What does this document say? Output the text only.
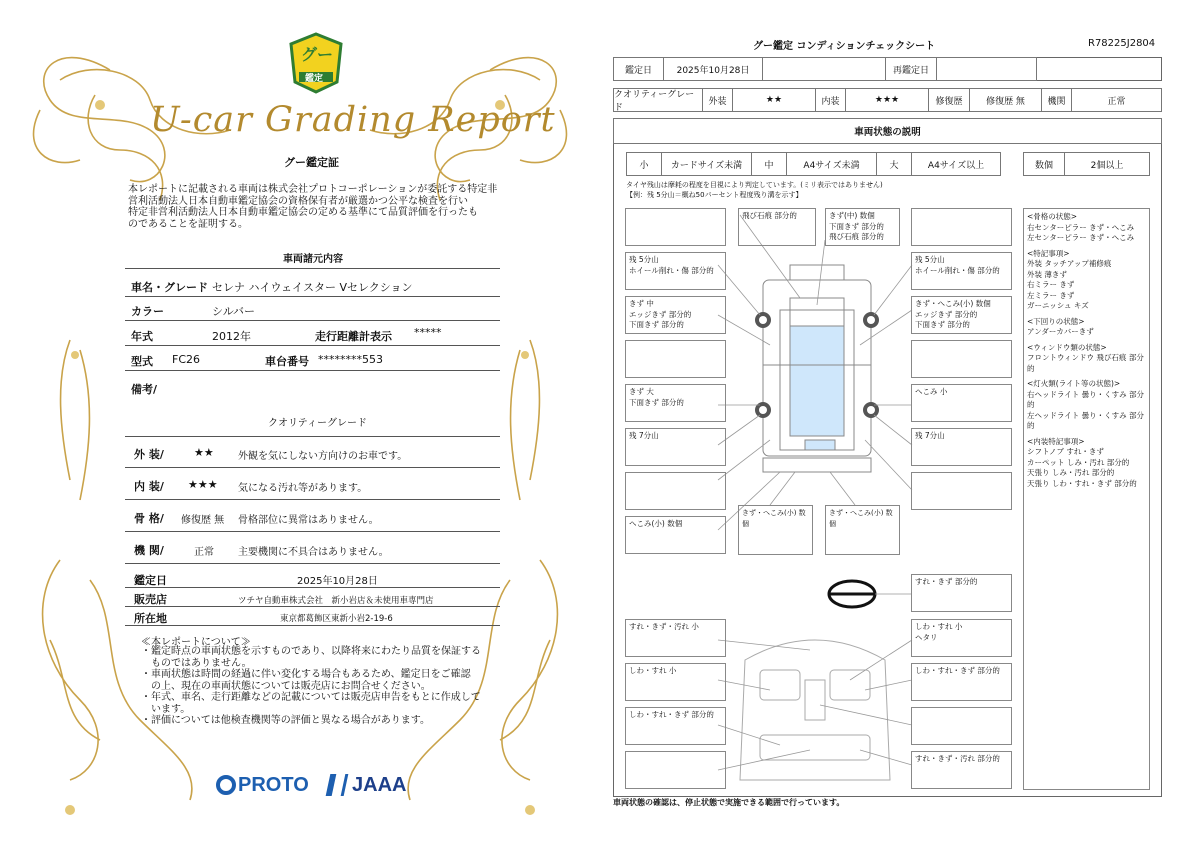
グー
鑑定
U-car Grading Report
グー鑑定証
本レポートに記載される車両は株式会社プロトコーポレーションが委託する特定非
営利活動法人日本自動車鑑定協会の資格保有者が厳選かつ公平な検査を行い
特定非営利活動法人日本自動車鑑定協会の定める基準にて品質評価を行ったも
のであることを証明する。
車両諸元内容
車名・グレード セレナ ハイウェイスター Vセレクション
カラー	シルバー
年式	2012年	走行距離計表示 *****
型式 FC26	車台番号 ********553
備考/
クオリティーグレード
外 装/	★★ 外観を気にしない方向けのお車です。
内 装/ ★★★ 気になる汚れ等があります。
骨 格/ 修復歴 無 骨格部位に異常はありません。
機 関/	正常 主要機関に不具合はありません。
鑑定日	2025年10月28日
販売店	ツチヤ自動車株式会社　新小岩店＆未使用車専門店
所在地	東京都葛飾区東新小岩2-19-6
≪本レポートについて≫
・鑑定時点の車両状態を示すものであり、以降将来にわたり品質を保証する
　ものではありません。
・車両状態は時間の経過に伴い変化する場合もあるため、鑑定日をご確認
　の上、現在の車両状態については販売店にお問合せください。
・年式、車名、走行距離などの記載については販売店申告をもとに作成して
　います。
・評価については他検査機関等の評価と異なる場合があります。
PROTO JAAA
グー鑑定 コンディションチェックシート	R78225J2804
鑑定日	2025年10月28日	再鑑定日
クオリティーグレード
外装	★★	内装	★★★	修復歴	修復歴 無	機関	正常
車両状態の説明
小	カードサイズ未満	中	A4サイズ未満	大	A4サイズ以上	数個	2個以上
タイヤ残山は摩耗の程度を目視により判定しています。(ミリ表示ではありません)
【例：残 5分山＝概ね50パーセント程度残り溝を示す】
飛び石痕 部分的	きず(中) 数個
下面きず 部分的
飛び石痕 部分的
残 5分山
ホイール削れ・傷 部分的
残 5分山
ホイール削れ・傷 部分的
きず 中
エッジきず 部分的
下面きず 部分的
きず・へこみ(小) 数個
エッジきず 部分的
下面きず 部分的
きず 大
下面きず 部分的
へこみ 小
残 7分山	残 7分山
へこみ(小) 数個
きず・へこみ(小) 数個
きず・へこみ(小) 数個
すれ・きず 部分的
すれ・きず・汚れ 小	しわ・すれ 小
ヘタリ
しわ・すれ 小	しわ・すれ・きず 部分的
しわ・すれ・きず 部分的
すれ・きず・汚れ 部分的
<骨格の状態>
右センターピラー きず・へこみ
左センターピラー きず・へこみ
<特記事項>
外装 タッチアップ補修痕
外装 薄きず
右ミラー きず
左ミラー きず
ガーニッシュ キズ
<下回りの状態>
アンダーカバーきず
<ウィンドウ類の状態>
フロントウィンドウ 飛び石痕 部分的
<灯火類(ライト等の状態)>
右ヘッドライト 曇り・くすみ 部分的
左ヘッドライト 曇り・くすみ 部分的
<内装特記事項>
シフトノブ すれ・きず
カーペット しみ・汚れ 部分的
天張り しみ・汚れ 部分的
天張り しわ・すれ・きず 部分的
車両状態の確認は、停止状態で実施できる範囲で行っています。
